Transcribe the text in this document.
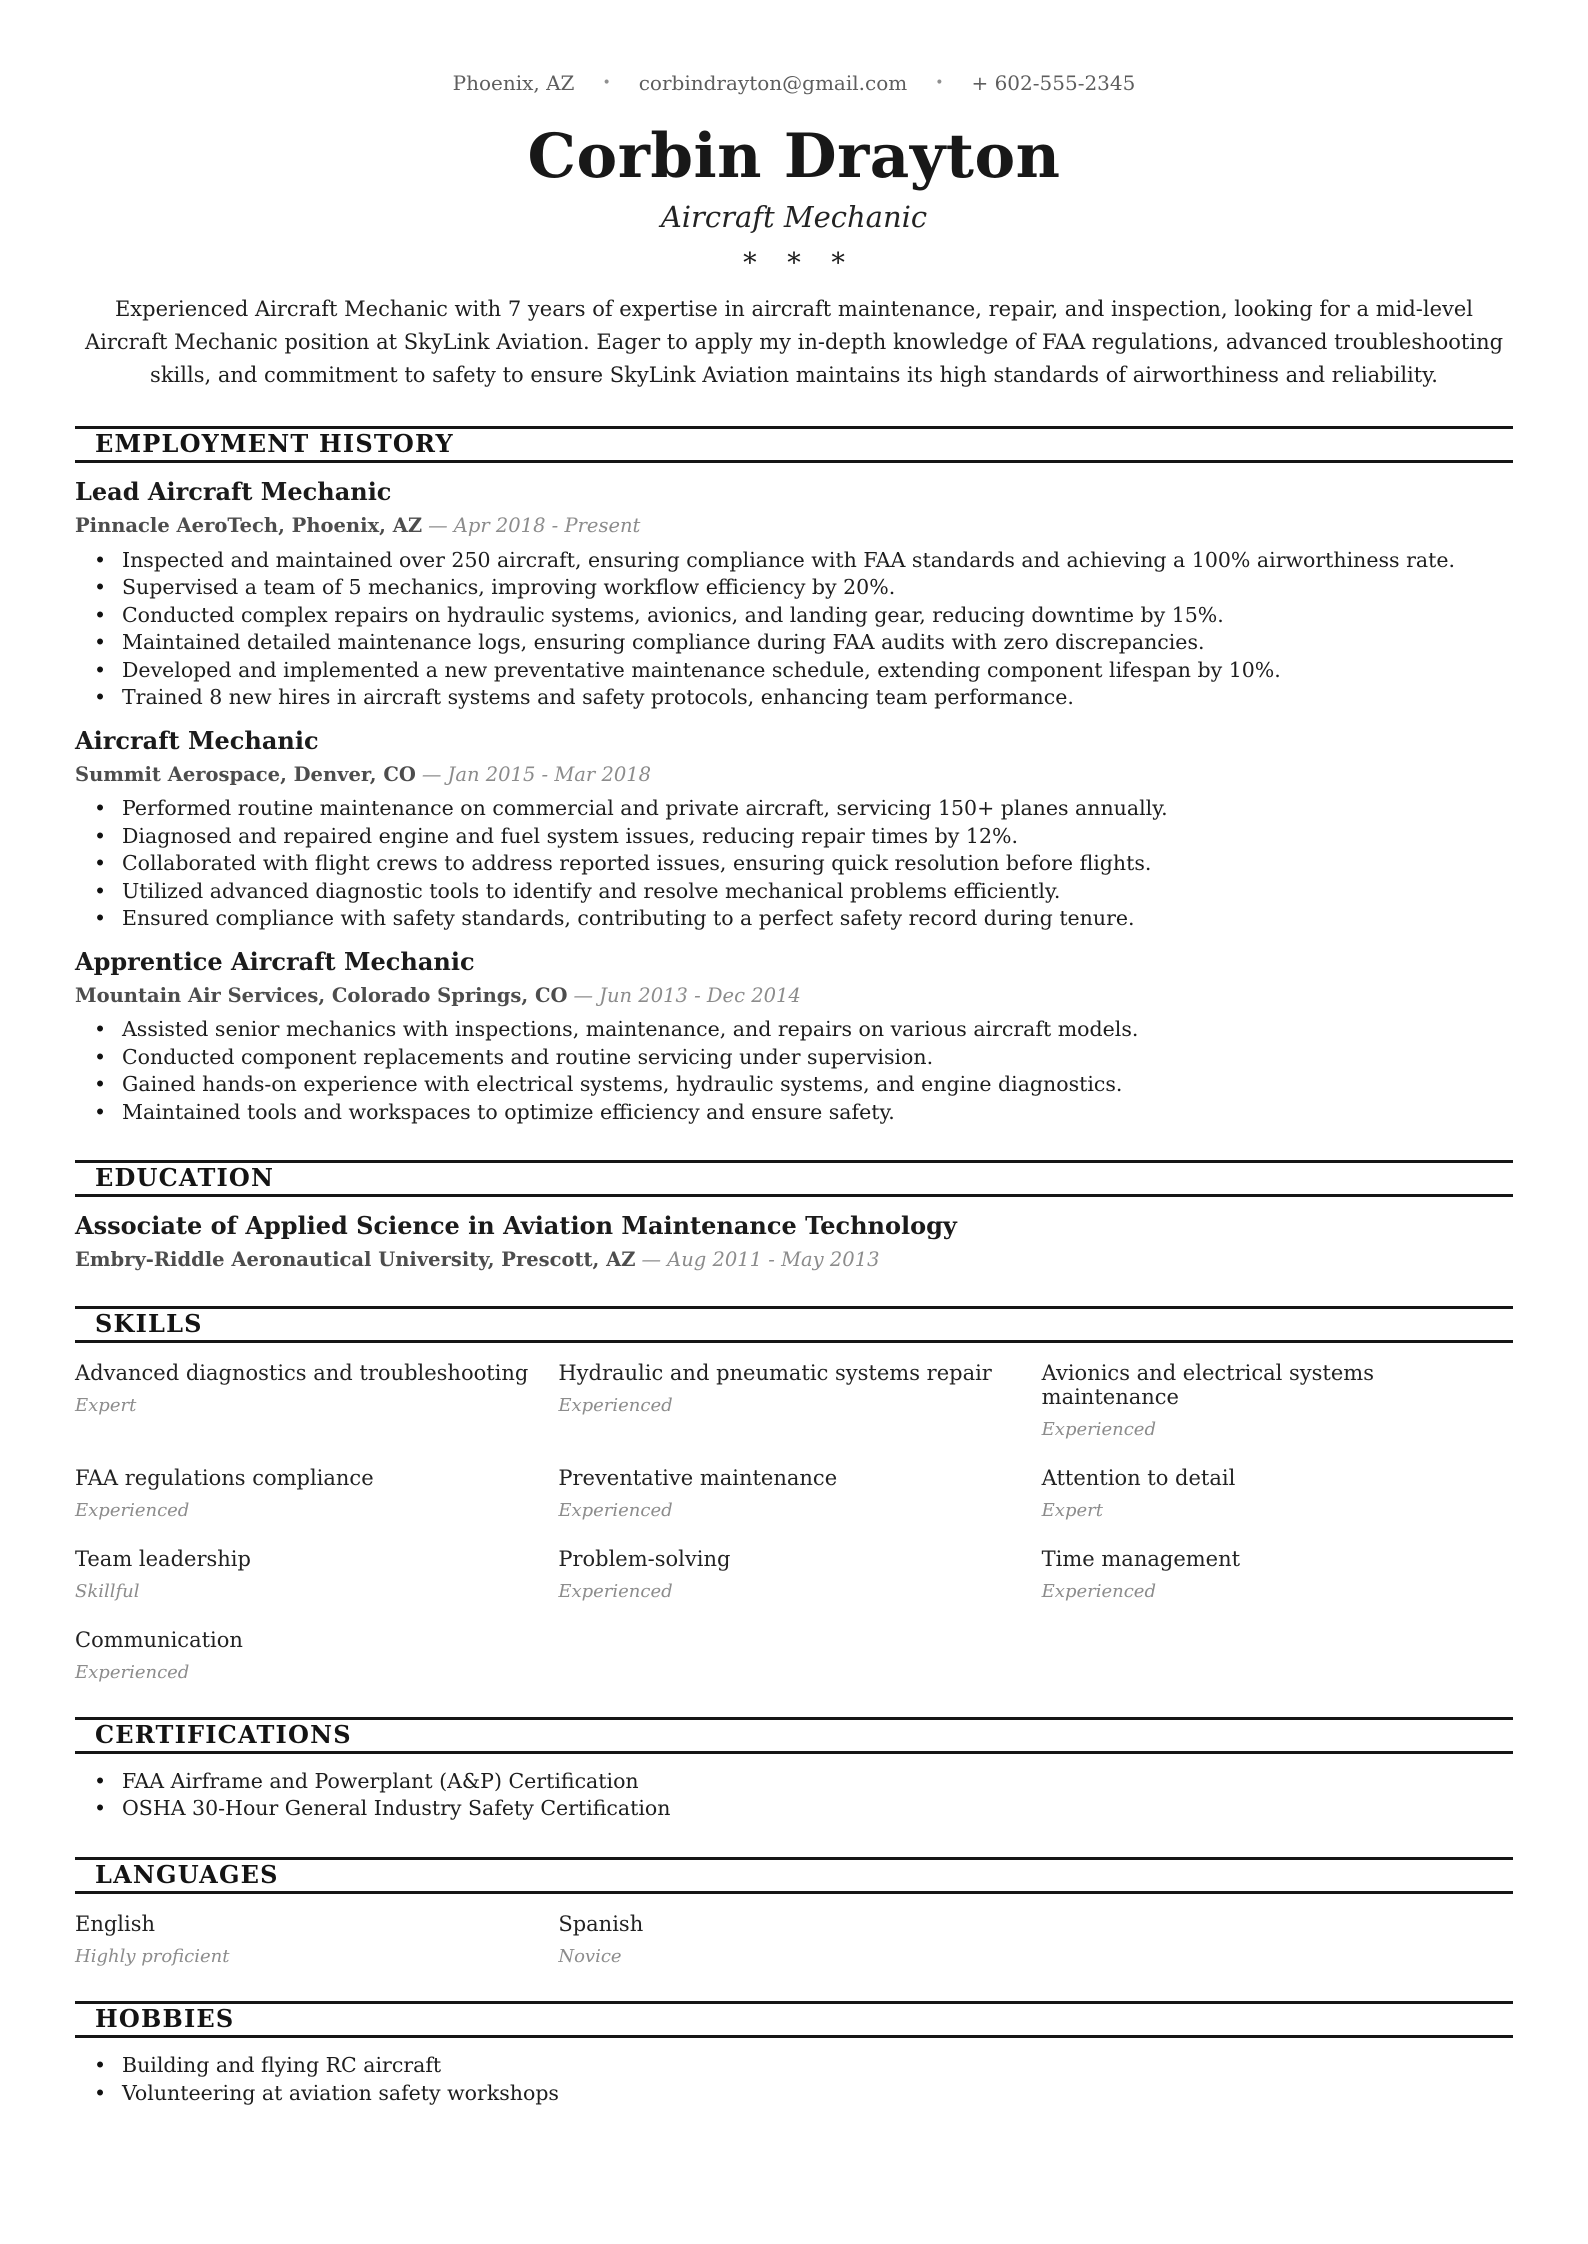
Phoenix, AZ • corbindrayton@gmail.com • + 602-555-2345
Corbin Drayton
Aircraft Mechanic
* * *

Experienced Aircraft Mechanic with 7 years of expertise in aircraft maintenance, repair, and inspection, looking for a mid-level Aircraft Mechanic position at SkyLink Aviation. Eager to apply my in-depth knowledge of FAA regulations, advanced troubleshooting skills, and commitment to safety to ensure SkyLink Aviation maintains its high standards of airworthiness and reliability.

EMPLOYMENT HISTORY
Lead Aircraft Mechanic
Pinnacle AeroTech, Phoenix, AZ — Apr 2018 - Present
• Inspected and maintained over 250 aircraft, ensuring compliance with FAA standards and achieving a 100% airworthiness rate.
• Supervised a team of 5 mechanics, improving workflow efficiency by 20%.
• Conducted complex repairs on hydraulic systems, avionics, and landing gear, reducing downtime by 15%.
• Maintained detailed maintenance logs, ensuring compliance during FAA audits with zero discrepancies.
• Developed and implemented a new preventative maintenance schedule, extending component lifespan by 10%.
• Trained 8 new hires in aircraft systems and safety protocols, enhancing team performance.
Aircraft Mechanic
Summit Aerospace, Denver, CO — Jan 2015 - Mar 2018
• Performed routine maintenance on commercial and private aircraft, servicing 150+ planes annually.
• Diagnosed and repaired engine and fuel system issues, reducing repair times by 12%.
• Collaborated with flight crews to address reported issues, ensuring quick resolution before flights.
• Utilized advanced diagnostic tools to identify and resolve mechanical problems efficiently.
• Ensured compliance with safety standards, contributing to a perfect safety record during tenure.
Apprentice Aircraft Mechanic
Mountain Air Services, Colorado Springs, CO — Jun 2013 - Dec 2014
• Assisted senior mechanics with inspections, maintenance, and repairs on various aircraft models.
• Conducted component replacements and routine servicing under supervision.
• Gained hands-on experience with electrical systems, hydraulic systems, and engine diagnostics.
• Maintained tools and workspaces to optimize efficiency and ensure safety.
EDUCATION
Associate of Applied Science in Aviation Maintenance Technology
Embry-Riddle Aeronautical University, Prescott, AZ — Aug 2011 - May 2013
SKILLS
Advanced diagnostics and troubleshooting
Expert
Hydraulic and pneumatic systems repair
Experienced
Avionics and electrical systems maintenance
Experienced
FAA regulations compliance
Experienced
Preventative maintenance
Experienced
Attention to detail
Expert
Team leadership
Skillful
Problem-solving
Experienced
Time management
Experienced
Communication
Experienced
CERTIFICATIONS
• FAA Airframe and Powerplant (A&P) Certification
• OSHA 30-Hour General Industry Safety Certification
LANGUAGES
English
Highly proficient
Spanish
Novice
HOBBIES
• Building and flying RC aircraft
• Volunteering at aviation safety workshops
